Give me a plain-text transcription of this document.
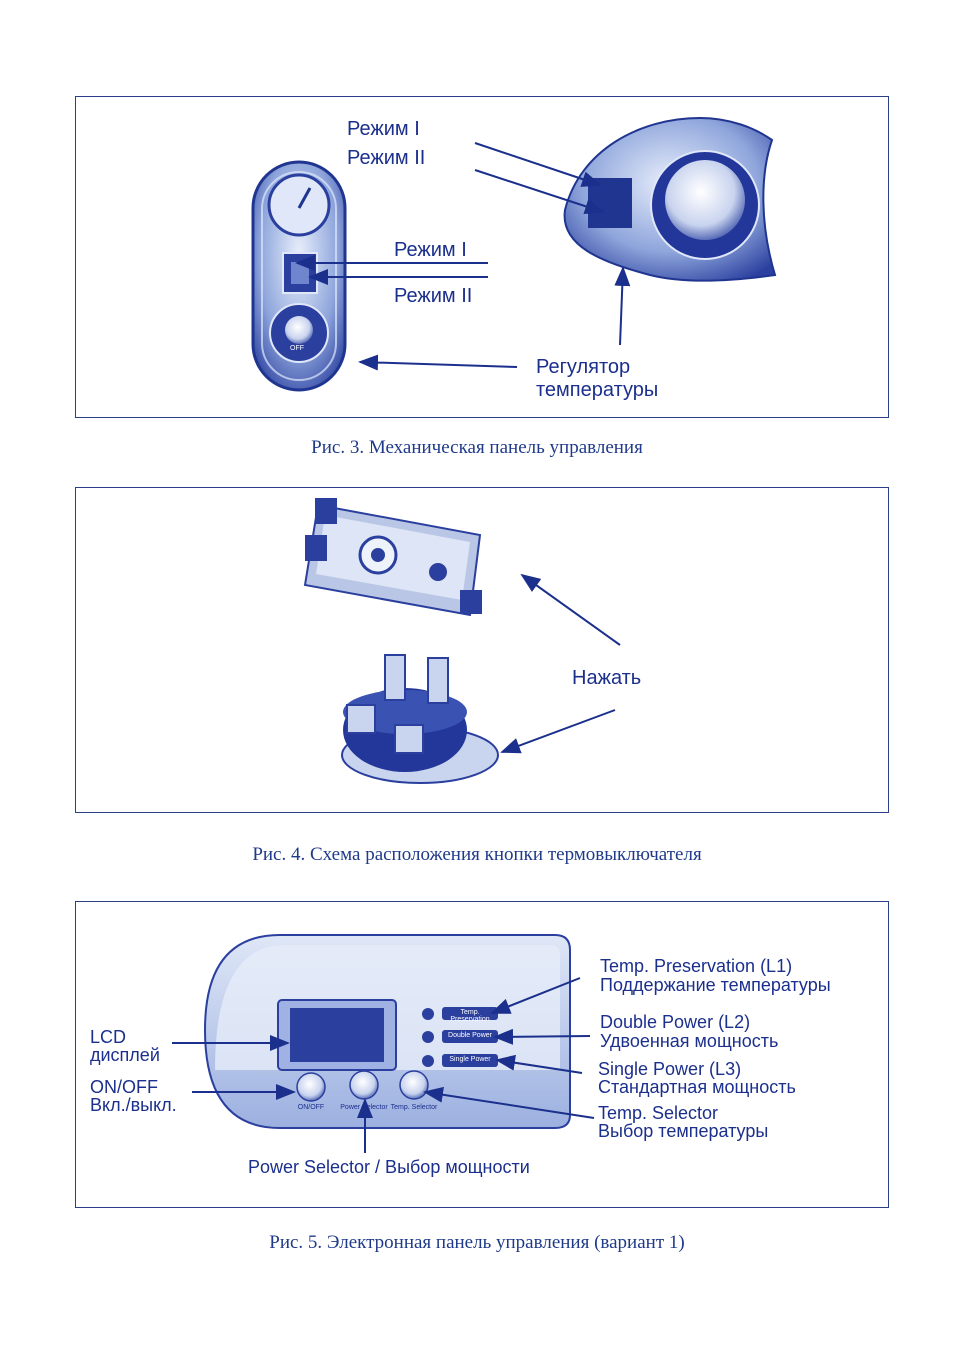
Режим I
Режим II
Режим I
Режим II
Регулятор
температуры
OFF
Рис. 3. Механическая панель управления
Нажать
Рис. 4. Схема расположения кнопки термовыключателя
Temp. Preservation
Double Power
Single Power
ON/OFF	Power Selector Temp. Selector
LCD
дисплей
ON/OFF
Вкл./выкл.
Temp. Preservation (L1)
Поддержание температуры
Double Power (L2)
Удвоенная мощность
Single Power (L3)
Стандартная мощность
Temp. Selector
Выбор температуры
Power Selector / Выбор мощности
Рис. 5. Электронная панель управления (вариант 1)
